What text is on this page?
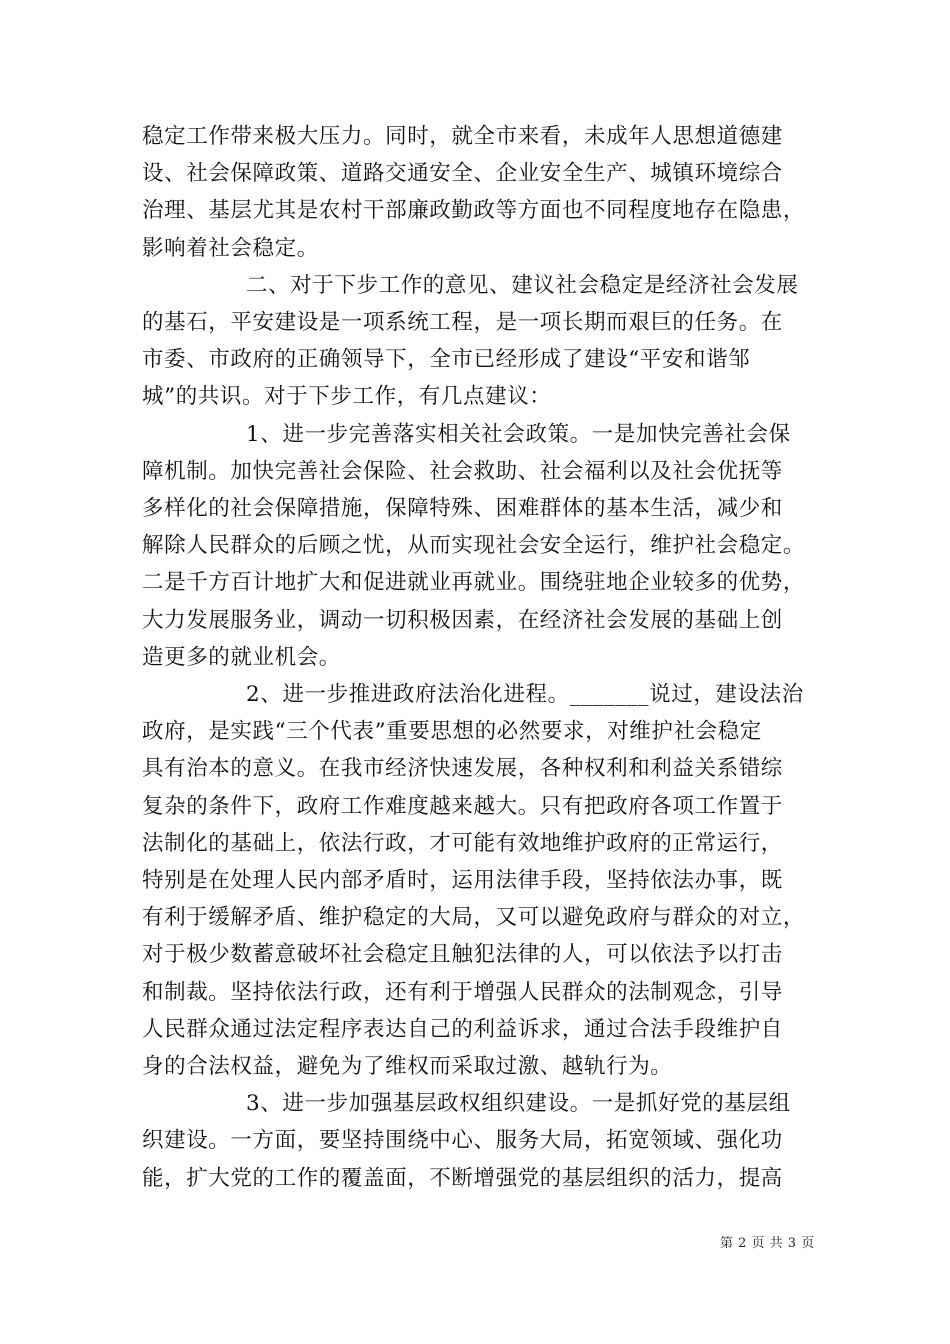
稳定工作带来极大压力。同时，就全市来看，未成年人思想道德建
设、社会保障政策、道路交通安全、企业安全生产、城镇环境综合
治理、基层尤其是农村干部廉政勤政等方面也不同程度地存在隐患，
影响着社会稳定。

二、对于下步工作的意见、建议社会稳定是经济社会发展
的基石，平安建设是一项系统工程，是一项长期而艰巨的任务。在
市委、市政府的正确领导下，全市已经形成了建设“平安和谐邹
城”的共识。对于下步工作，有几点建议：

1、进一步完善落实相关社会政策。一是加快完善社会保
障机制。加快完善社会保险、社会救助、社会福利以及社会优抚等
多样化的社会保障措施，保障特殊、困难群体的基本生活，减少和
解除人民群众的后顾之忧，从而实现社会安全运行，维护社会稳定。
二是千方百计地扩大和促进就业再就业。围绕驻地企业较多的优势，
大力发展服务业，调动一切积极因素，在经济社会发展的基础上创
造更多的就业机会。

2、进一步推进政府法治化进程。_______说过，建设法治
政府，是实践“三个代表”重要思想的必然要求，对维护社会稳定
具有治本的意义。在我市经济快速发展，各种权利和利益关系错综
复杂的条件下，政府工作难度越来越大。只有把政府各项工作置于
法制化的基础上，依法行政，才可能有效地维护政府的正常运行，
特别是在处理人民内部矛盾时，运用法律手段，坚持依法办事，既
有利于缓解矛盾、维护稳定的大局，又可以避免政府与群众的对立，
对于极少数蓄意破坏社会稳定且触犯法律的人，可以依法予以打击
和制裁。坚持依法行政，还有利于增强人民群众的法制观念，引导
人民群众通过法定程序表达自己的利益诉求，通过合法手段维护自
身的合法权益，避免为了维权而采取过激、越轨行为。

3、进一步加强基层政权组织建设。一是抓好党的基层组
织建设。一方面，要坚持围绕中心、服务大局，拓宽领域、强化功
能，扩大党的工作的覆盖面，不断增强党的基层组织的活力，提高

第 2 页 共 3 页
